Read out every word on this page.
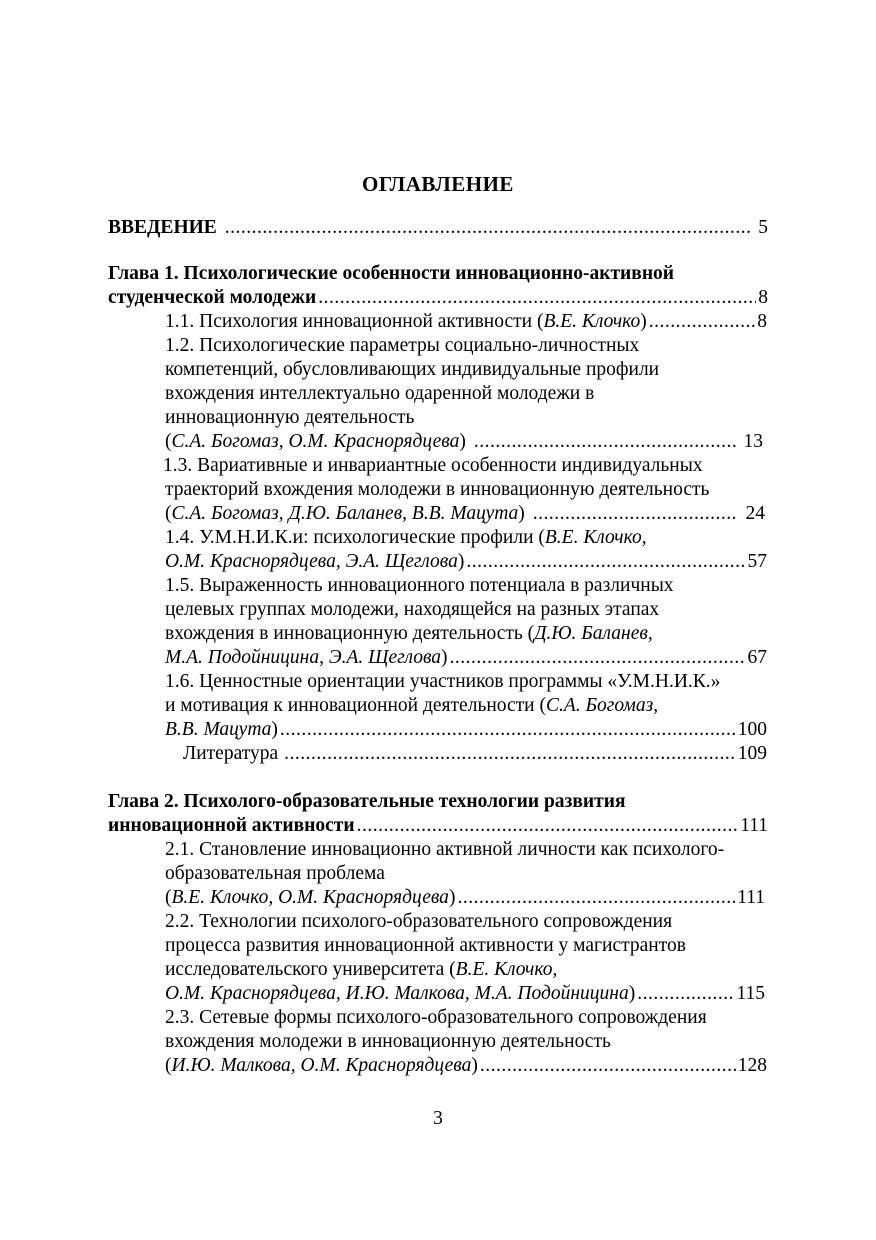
ОГЛАВЛЕНИЕ
ВВЕДЕНИЕ .....	5
Глава 1. Психологические особенности инновационно-активной
студенческой молодежи .....	8
1.1. Психология инновационной активности (В.Е. Клочко) .....	8
1.2. Психологические параметры социально-личностных
компетенций, обусловливающих индивидуальные профили
вхождения интеллектуально одаренной молодежи в
инновационную деятельность
(С.А. Богомаз, О.М. Краснорядцева) .....	13
1.3. Вариативные и инвариантные особенности индивидуальных
траекторий вхождения молодежи в инновационную деятельность
(С.А. Богомаз, Д.Ю. Баланев, В.В. Мацута) .....	24
1.4. У.М.Н.И.К.и: психологические профили (В.Е. Клочко,
О.М. Краснорядцева, Э.А. Щеглова) .....	57
1.5. Выраженность инновационного потенциала в различных
целевых группах молодежи, находящейся на разных этапах
вхождения в инновационную деятельность (Д.Ю. Баланев,
М.А. Подойницина, Э.А. Щеглова) .....	67
1.6. Ценностные ориентации участников программы «У.М.Н.И.К.»
и мотивация к инновационной деятельности (С.А. Богомаз,
В.В. Мацута) .....	100
Литература .....	109
Глава 2. Психолого-образовательные технологии развития
инновационной активности .....	111
2.1. Становление инновационно активной личности как психолого-
образовательная проблема
(В.Е. Клочко, О.М. Краснорядцева) .....	111
2.2. Технологии психолого-образовательного сопровождения
процесса развития инновационной активности у магистрантов
исследовательского университета (В.Е. Клочко,
О.М. Краснорядцева, И.Ю. Малкова, М.А. Подойницина) .....	115
2.3. Сетевые формы психолого-образовательного сопровождения
вхождения молодежи в инновационную деятельность
(И.Ю. Малкова, О.М. Краснорядцева) .....	128
3
